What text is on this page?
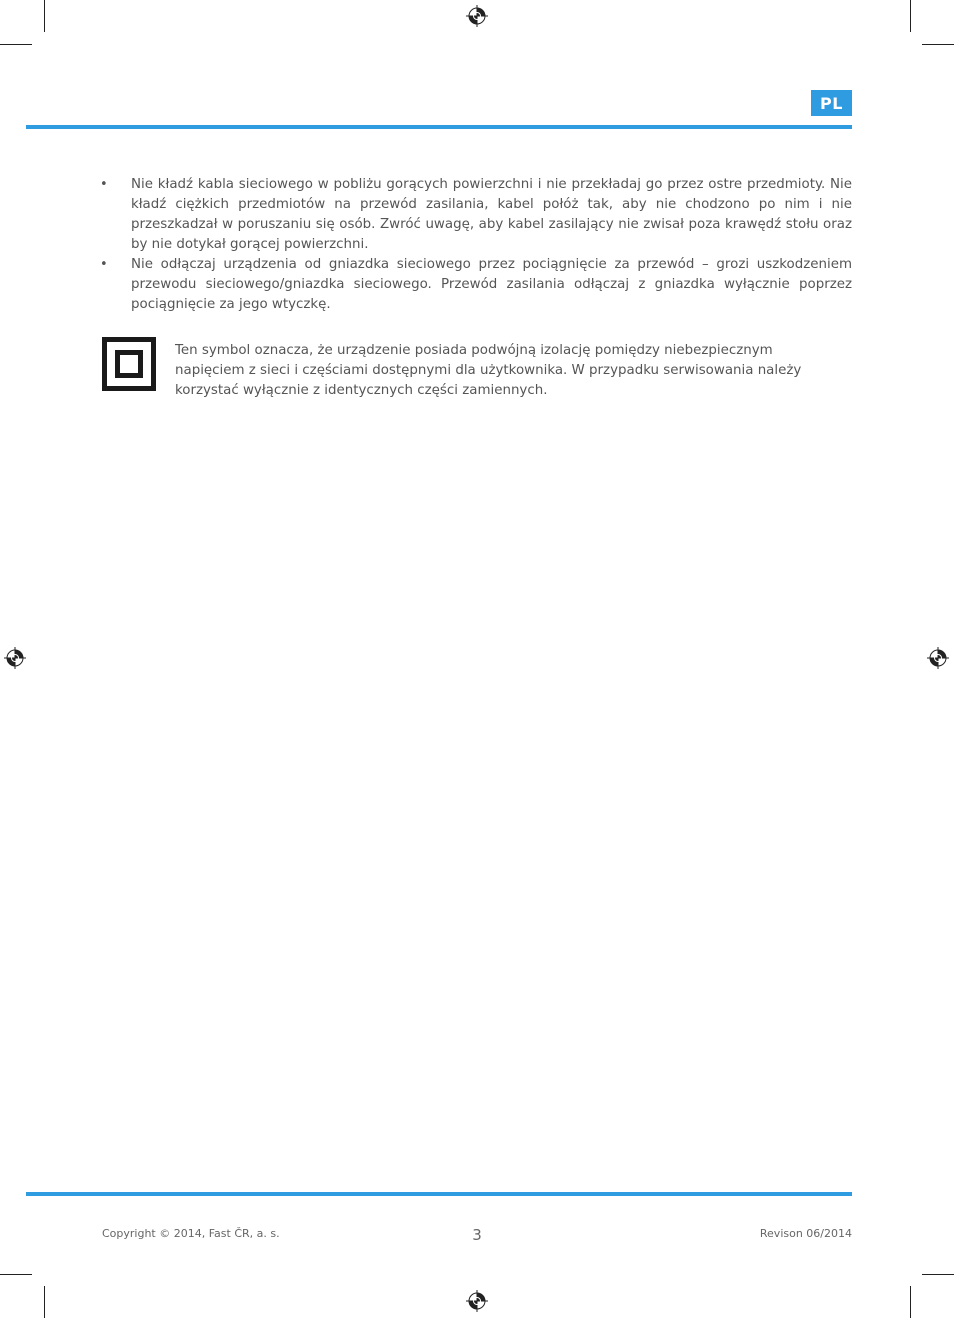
PL
• Nie kładź kabla sieciowego w pobliżu gorących powierzchni i nie przekładaj go przez ostre przedmioty. Nie kładź ciężkich przedmiotów na przewód zasilania, kabel połóż tak, aby nie chodzono po nim i nie przeszkadzał w poruszaniu się osób. Zwróć uwagę, aby kabel zasilający nie zwisał poza krawędź stołu oraz by nie dotykał gorącej powierzchni.
• Nie odłączaj urządzenia od gniazdka sieciowego przez pociągnięcie za przewód – grozi uszkodzeniem przewodu sieciowego/gniazdka sieciowego. Przewód zasilania odłączaj z gniazdka wyłącznie poprzez pociągnięcie za jego wtyczkę.
Ten symbol oznacza, że urządzenie posiada podwójną izolację pomiędzy niebezpiecznym napięciem z sieci i częściami dostępnymi dla użytkownika. W przypadku serwisowania należy korzystać wyłącznie z identycznych części zamiennych.
Copyright © 2014, Fast ČR, a. s.	3	Revison 06/2014
